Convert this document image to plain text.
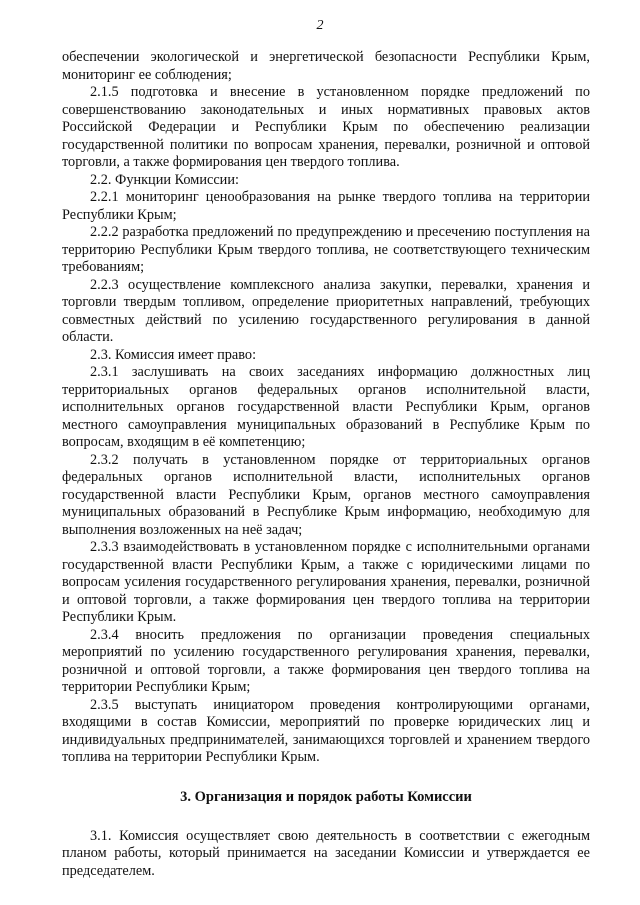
2

обеспечении экологической и энергетической безопасности Республики Крым, мониторинг ее соблюдения;

2.1.5 подготовка и внесение в установленном порядке предложений по совершенствованию законодательных и иных нормативных правовых актов Российской Федерации и Республики Крым по обеспечению реализации государственной политики по вопросам хранения, перевалки, розничной и оптовой торговли, а также формирования цен твердого топлива.

2.2. Функции Комиссии:

2.2.1 мониторинг ценообразования на рынке твердого топлива на территории Республики Крым;

2.2.2 разработка предложений по предупреждению и пресечению поступления на территорию Республики Крым твердого топлива, не соответствующего техническим требованиям;

2.2.3 осуществление комплексного анализа закупки, перевалки, хранения и торговли твердым топливом, определение приоритетных направлений, требующих совместных действий по усилению государственного регулирования в данной области.

2.3. Комиссия имеет право:

2.3.1 заслушивать на своих заседаниях информацию должностных лиц территориальных органов федеральных органов исполнительной власти, исполнительных органов государственной власти Республики Крым, органов местного самоуправления муниципальных образований в Республике Крым по вопросам, входящим в её компетенцию;

2.3.2 получать в установленном порядке от территориальных органов федеральных органов исполнительной власти, исполнительных органов государственной власти Республики Крым, органов местного самоуправления муниципальных образований в Республике Крым информацию, необходимую для выполнения возложенных на неё задач;

2.3.3 взаимодействовать в установленном порядке с исполнительными органами государственной власти Республики Крым, а также с юридическими лицами по вопросам усиления государственного регулирования хранения, перевалки, розничной и оптовой торговли, а также формирования цен твердого топлива на территории Республики Крым.

2.3.4 вносить предложения по организации проведения специальных мероприятий по усилению государственного регулирования хранения, перевалки, розничной и оптовой торговли, а также формирования цен твердого топлива на территории Республики Крым;

2.3.5 выступать инициатором проведения контролирующими органами, входящими в состав Комиссии, мероприятий по проверке юридических лиц и индивидуальных предпринимателей, занимающихся торговлей и хранением твердого топлива на территории Республики Крым.

3. Организация и порядок работы Комиссии

3.1. Комиссия осуществляет свою деятельность в соответствии с ежегодным планом работы, который принимается на заседании Комиссии и утверждается ее председателем.
